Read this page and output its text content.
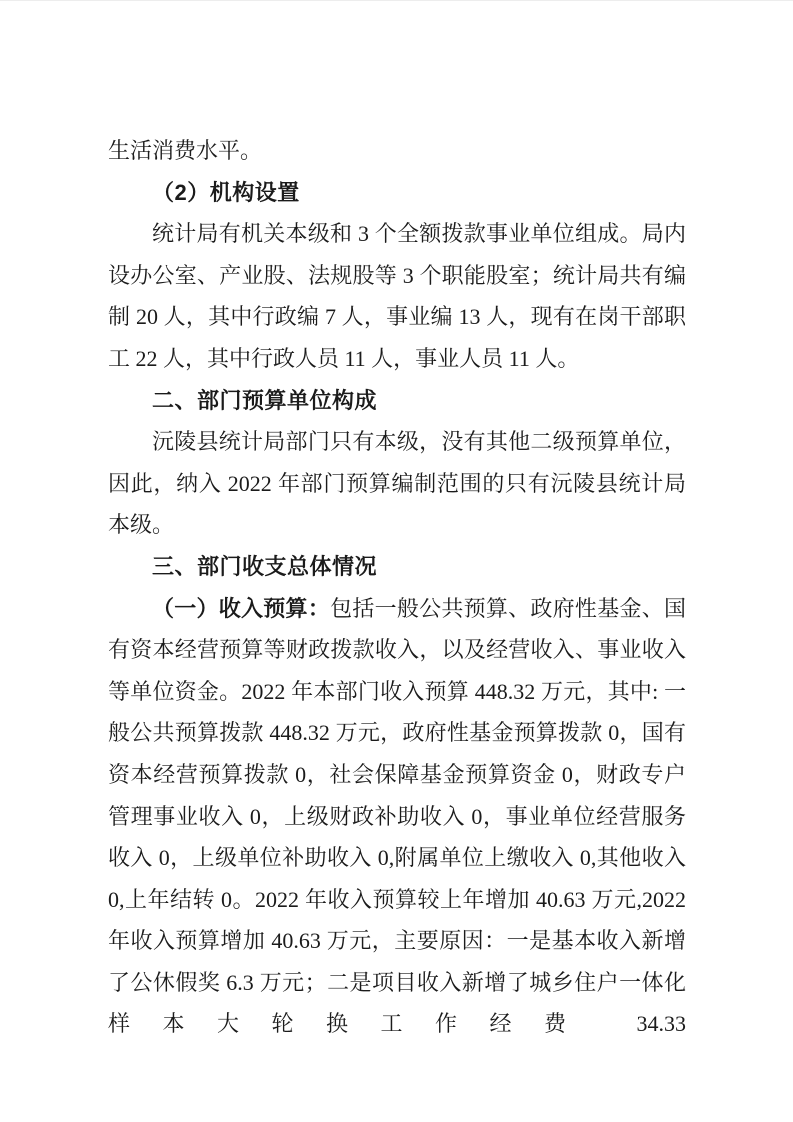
生活消费水平。

（2）机构设置

统计局有机关本级和 3 个全额拨款事业单位组成。局内设办公室、产业股、法规股等 3 个职能股室；统计局共有编制 20 人，其中行政编 7 人，事业编 13 人，现有在岗干部职工 22 人，其中行政人员 11 人，事业人员 11 人。

二、部门预算单位构成

沅陵县统计局部门只有本级，没有其他二级预算单位，因此，纳入 2022 年部门预算编制范围的只有沅陵县统计局本级。

三、部门收支总体情况

（一）收入预算：包括一般公共预算、政府性基金、国有资本经营预算等财政拨款收入，以及经营收入、事业收入等单位资金。2022 年本部门收入预算 448.32 万元，其中: 一般公共预算拨款 448.32 万元，政府性基金预算拨款 0，国有资本经营预算拨款 0，社会保障基金预算资金 0，财政专户管理事业收入 0，上级财政补助收入 0，事业单位经营服务收入 0，上级单位补助收入 0,附属单位上缴收入 0,其他收入 0,上年结转 0。2022 年收入预算较上年增加 40.63 万元,2022 年收入预算增加 40.63 万元，主要原因：一是基本收入新增了公休假奖 6.3 万元；二是项目收入新增了城乡住户一体化样本大轮换工作经费 34.33
